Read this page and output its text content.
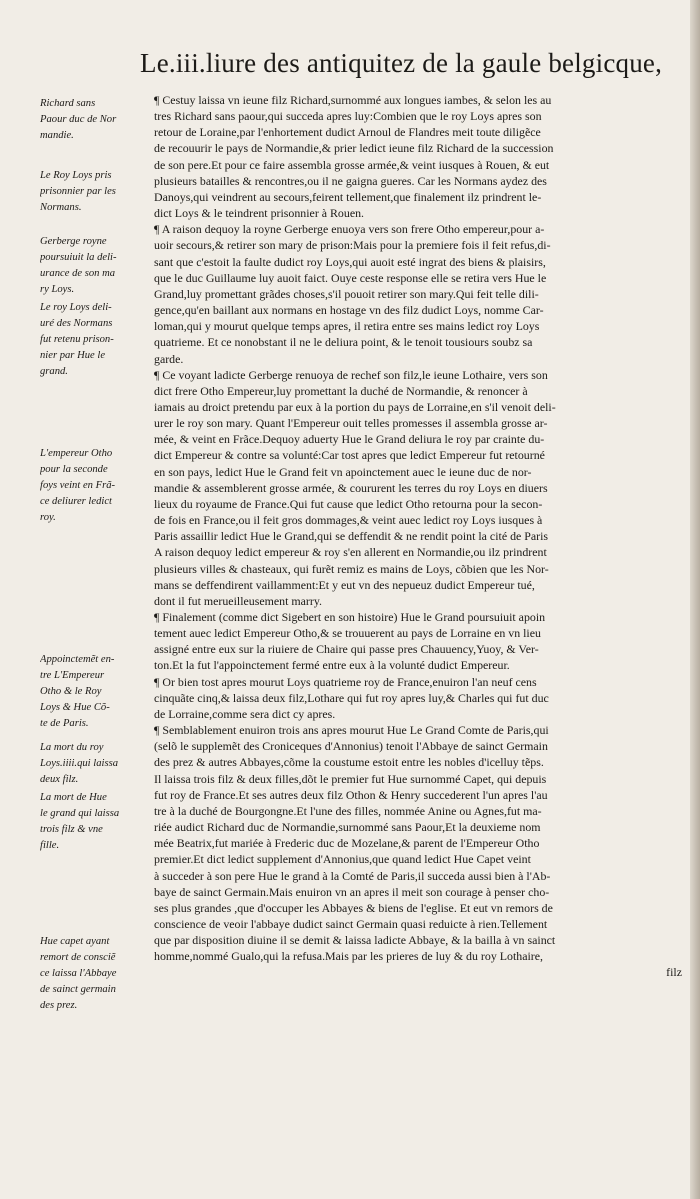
Le.iii.liure des antiquitez de la gaule belgicque,
Richard sans
Paour duc de Nor
mandie.
Le Roy Loys pris
prisonnier par les
Normans.
Gerberge royne
poursuiuit la deli-
urance de son ma
ry Loys.
Le roy Loys deli-
uré des Normans
fut retenu prison-
nier par Hue le
grand.
L'empereur Otho
pour la seconde
foys veint en Frã-
ce deliurer ledict
roy.
Appoinctemẽt en-
tre L'Empereur
Otho & le Roy
Loys & Hue Cõ-
te de Paris.
La mort du roy
Loys.iiii.qui laissa
deux filz.
La mort de Hue
le grand qui laissa
trois filz & vne
fille.
Hue capet ayant
remort de consciẽ
ce laissa l'Abbaye
de sainct germain
des prez.
¶ Cestuy laissa vn ieune filz Richard,surnommé aux longues iambes, & selon les au
tres Richard sans paour,qui succeda apres luy:Combien que le roy Loys apres son
retour de Loraine,par l'enhortement dudict Arnoul de Flandres meit toute diligẽce
de recouurir le pays de Normandie,& prier ledict ieune filz Richard de la succession
de son pere.Et pour ce faire assembla grosse armée,& veint iusques à Rouen, & eut
plusieurs batailles & rencontres,ou il ne gaigna gueres. Car les Normans aydez des
Danoys,qui veindrent au secours,feirent tellement,que finalement ilz prindrent le-
dict Loys & le teindrent prisonnier à Rouen.
¶ A raison dequoy la royne Gerberge enuoya vers son frere Otho empereur,pour a-
uoir secours,& retirer son mary de prison:Mais pour la premiere fois il feit refus,di-
sant que c'estoit la faulte dudict roy Loys,qui auoit esté ingrat des biens & plaisirs,
que le duc Guillaume luy auoit faict. Ouye ceste response elle se retira vers Hue le
Grand,luy promettant grãdes choses,s'il pouoit retirer son mary.Qui feit telle dili-
gence,qu'en baillant aux normans en hostage vn des filz dudict Loys, nomme Car-
loman,qui y mourut quelque temps apres, il retira entre ses mains ledict roy Loys
quatrieme. Et ce nonobstant il ne le deliura point, & le tenoit tousiours soubz sa
garde.
¶ Ce voyant ladicte Gerberge renuoya de rechef son filz,le ieune Lothaire, vers son
dict frere Otho Empereur,luy promettant la duché de Normandie, & renoncer à
iamais au droict pretendu par eux à la portion du pays de Lorraine,en s'il venoit deli-
urer le roy son mary. Quant l'Empereur ouit telles promesses il assembla grosse ar-
mée, & veint en Frãce.Dequoy aduerty Hue le Grand deliura le roy par crainte du-
dict Empereur & contre sa volunté:Car tost apres que ledict Empereur fut retourné
en son pays, ledict Hue le Grand feit vn apoinctement auec le ieune duc de nor-
mandie & assemblerent grosse armée, & coururent les terres du roy Loys en diuers
lieux du royaume de France.Qui fut cause que ledict Otho retourna pour la secon-
de fois en France,ou il feit gros dommages,& veint auec ledict roy Loys iusques à
Paris assaillir ledict Hue le Grand,qui se deffendit & ne rendit point la cité de Paris
A raison dequoy ledict empereur & roy s'en allerent en Normandie,ou ilz prindrent
plusieurs villes & chasteaux, qui furẽt remiz es mains de Loys, cõbien que les Nor-
mans se deffendirent vaillamment:Et y eut vn des nepueuz dudict Empereur tué,
dont il fut merueilleusement marry.
¶ Finalement (comme dict Sigebert en son histoire) Hue le Grand poursuiuit apoin
tement auec ledict Empereur Otho,& se trouuerent au pays de Lorraine en vn lieu
assigné entre eux sur la riuiere de Chaire qui passe pres Chauuency,Yuoy, & Ver-
ton.Et la fut l'appoinctement fermé entre eux à la volunté dudict Empereur.
¶ Or bien tost apres mourut Loys quatrieme roy de France,enuiron l'an neuf cens
cinquãte cinq,& laissa deux filz,Lothare qui fut roy apres luy,& Charles qui fut duc
de Lorraine,comme sera dict cy apres.
¶ Semblablement enuiron trois ans apres mourut Hue Le Grand Comte de Paris,qui
(selõ le supplemẽt des Croniceques d'Annonius) tenoit l'Abbaye de sainct Germain
des prez & autres Abbayes,cõme la coustume estoit entre les nobles d'icelluy tẽps.
Il laissa trois filz & deux filles,dõt le premier fut Hue surnommé Capet, qui depuis
fut roy de France.Et ses autres deux filz Othon & Henry succederent l'un apres l'au
tre à la duché de Bourgongne.Et l'une des filles, nommée Anine ou Agnes,fut ma-
riée audict Richard duc de Normandie,surnommé sans Paour,Et la deuxieme nom
mée Beatrix,fut mariée à Frederic duc de Mozelane,& parent de l'Empereur Otho
premier.Et dict ledict supplement d'Annonius,que quand ledict Hue Capet veint
à succeder à son pere Hue le grand à la Comté de Paris,il succeda aussi bien à l'Ab-
baye de sainct Germain.Mais enuiron vn an apres il meit son courage à penser cho-
ses plus grandes ,que d'occuper les Abbayes & biens de l'eglise. Et eut vn remors de
conscience de veoir l'abbaye dudict sainct Germain quasi reduicte à rien.Tellement
que par disposition diuine il se demit & laissa ladicte Abbaye, & la bailla à vn sainct
homme,nommé Gualo,qui la refusa.Mais par les prieres de luy & du roy Lothaire,
filz
